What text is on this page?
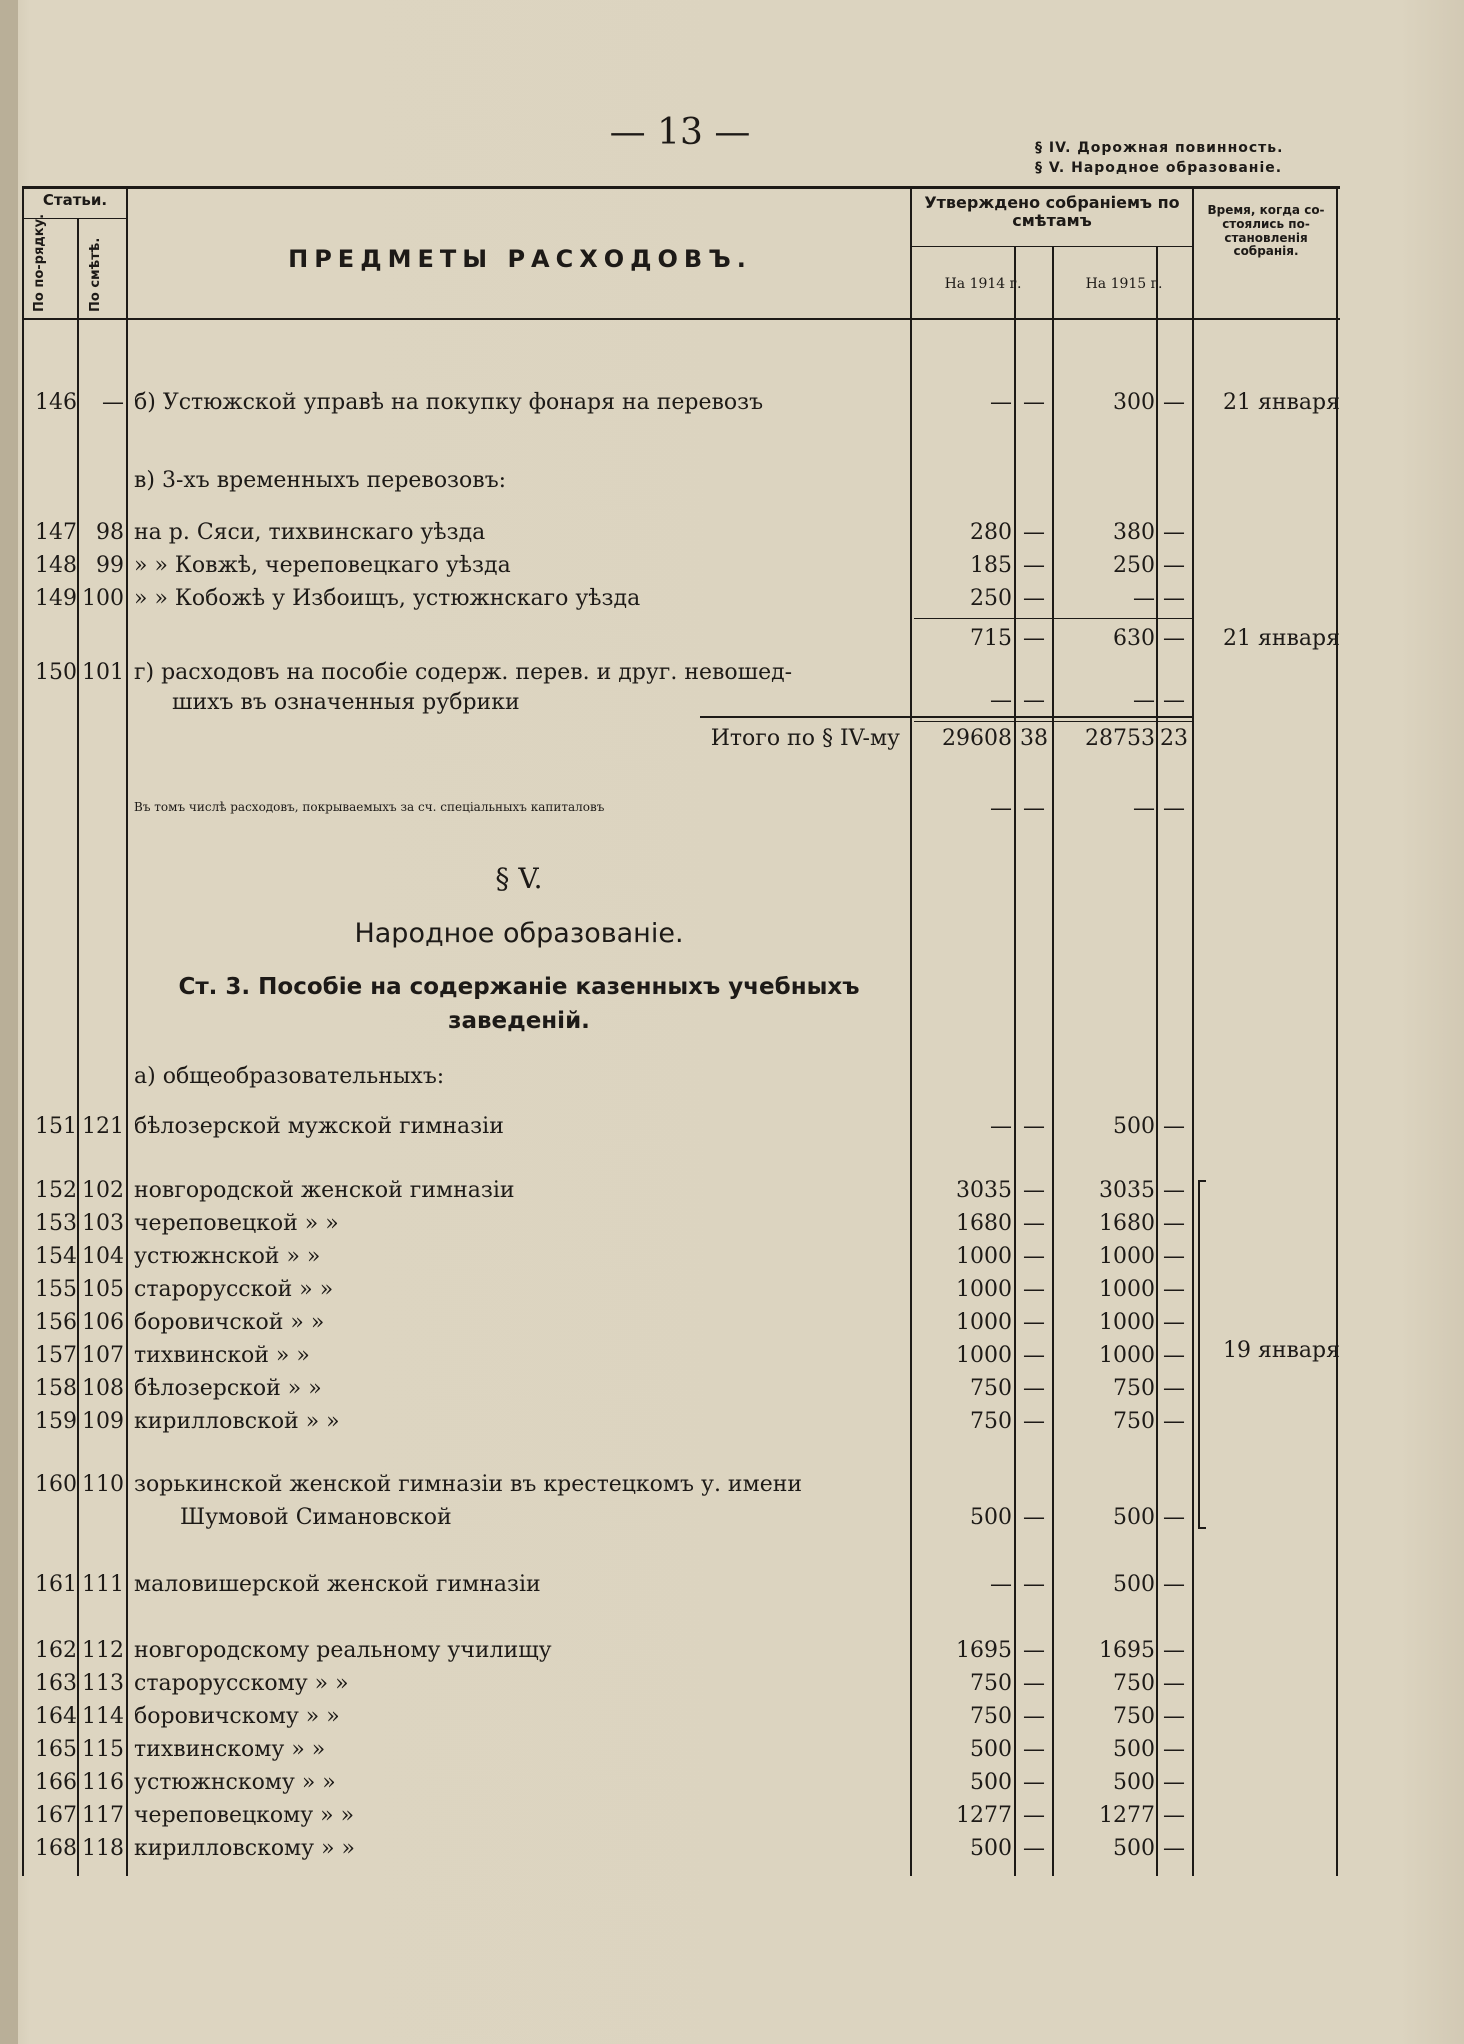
— 13 —	§ IV. Дорожная повинность.
§ V. Народное образованіе.
Статьи.
По по-рядку.	По смѣтѣ.	ПРЕДМЕТЫ РАСХОДОВЪ.
Утверждено собраніемъ по смѣтамъ
На 1914 г.	На 1915 г.
Время, когда со-стоялись по-становленія собранія.
146	— б) Устюжской управѣ на покупку фонаря на перевозъ	— —	300 —	21 января
в) 3-хъ временныхъ перевозовъ:
147 98 на р. Сяси, тихвинскаго уѣзда	280 —	380 —
148 99 » » Ковжѣ, череповецкаго уѣзда	185 —	250 —
149 100 » » Кобожѣ у Избоищъ, устюжнскаго уѣзда	250 —	— —
715 —	630 —	21 января
150 101 г) расходовъ на пособіе содерж. перев. и друг. невошед-
шихъ въ означенныя рубрики	— —	— —
Итого по § IV-му	29608 38	28753 23
Въ томъ числѣ расходовъ, покрываемыхъ за сч. спеціальныхъ капиталовъ	— —	— —
§ V.
Народное образованіе.
Ст. 3. Пособіе на содержаніе казенныхъ учебныхъ
заведеній.
а) общеобразовательныхъ:
151 121 бѣлозерской мужской гимназіи	— —	500 —
152 102 новгородской женской гимназіи	3035 —	3035 —
153 103 череповецкой » »	1680 —	1680 —
154 104 устюжнской » »	1000 —	1000 —
155 105 старорусской » »	1000 —	1000 —
156 106 боровичской » »	1000 —	1000 —
157 107 тихвинской » »	1000 —	1000 —
158 108 бѣлозерской » »	750 —	750 —
159 109 кирилловской » »	750 —	750 —
160 110 зорькинской женской гимназіи въ крестецкомъ у. имени
Шумовой Симановской	500 —	500 —
161 111 маловишерской женской гимназіи	— —	500 —
162 112 новгородскому реальному училищу	1695 —	1695 —
163 113 старорусскому » »	750 —	750 —
164 114 боровичскому » »	750 —	750 —
165 115 тихвинскому » »	500 —	500 —
166 116 устюжнскому » »	500 —	500 —
167 117 череповецкому » »	1277 —	1277 —
168 118 кирилловскому » »	500 —	500 —
19 января
